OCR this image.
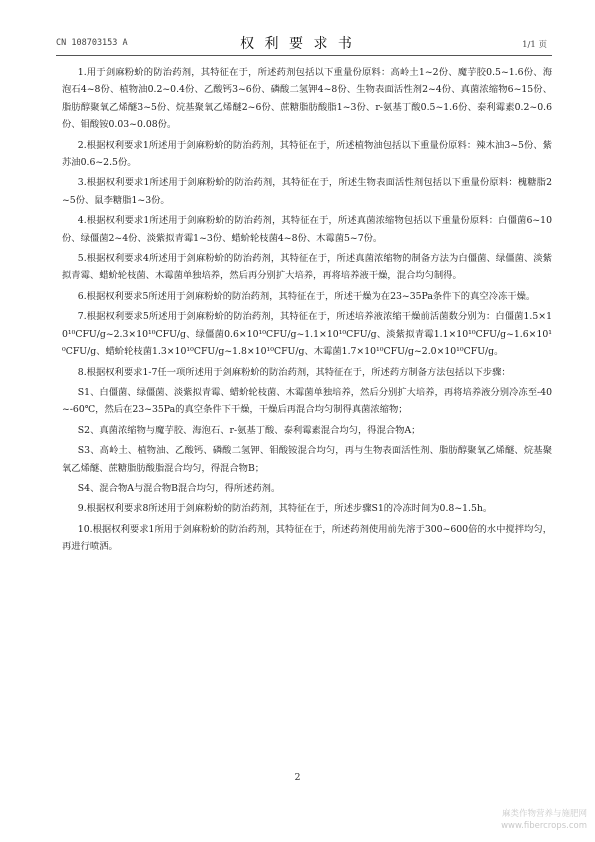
CN 108703153 A	权 利 要 求 书	1/1 页

1.用于剑麻粉蚧的防治药剂，其特征在于，所述药剂包括以下重量份原料：高岭土1~2份、魔芋胶0.5~1.6份、海泡石4~8份、植物油0.2~0.4份、乙酸钙3~6份、磷酸二氢钾4~8份、生物表面活性剂2~4份、真菌浓缩物6~15份、脂肪醇聚氧乙烯醚3~5份、烷基聚氧乙烯醚2~6份、蔗糖脂肪酸脂1~3份、r-氨基丁酸0.5~1.6份、泰利霉素0.2~0.6份、钼酸铵0.03~0.08份。

2.根据权利要求1所述用于剑麻粉蚧的防治药剂，其特征在于，所述植物油包括以下重量份原料：辣木油3~5份、紫苏油0.6~2.5份。

3.根据权利要求1所述用于剑麻粉蚧的防治药剂，其特征在于，所述生物表面活性剂包括以下重量份原料：槐糖脂2~5份、鼠李糖脂1~3份。

4.根据权利要求1所述用于剑麻粉蚧的防治药剂，其特征在于，所述真菌浓缩物包括以下重量份原料：白僵菌6~10份、绿僵菌2~4份、淡紫拟青霉1~3份、蜡蚧轮枝菌4~8份、木霉菌5~7份。

5.根据权利要求4所述用于剑麻粉蚧的防治药剂，其特征在于，所述真菌浓缩物的制备方法为白僵菌、绿僵菌、淡紫拟青霉、蜡蚧轮枝菌、木霉菌单独培养，然后再分别扩大培养，再将培养液干燥，混合均匀制得。

6.根据权利要求5所述用于剑麻粉蚧的防治药剂，其特征在于，所述干燥为在23~35Pa条件下的真空冷冻干燥。

7.根据权利要求5所述用于剑麻粉蚧的防治药剂，其特征在于，所述培养液浓缩干燥前活菌数分别为：白僵菌1.5×10¹⁰CFU/g~2.3×10¹⁰CFU/g、绿僵菌0.6×10¹⁰CFU/g~1.1×10¹⁰CFU/g、淡紫拟青霉1.1×10¹⁰CFU/g~1.6×10¹⁰CFU/g、蜡蚧轮枝菌1.3×10¹⁰CFU/g~1.8×10¹⁰CFU/g、木霉菌1.7×10¹⁰CFU/g~2.0×10¹⁰CFU/g。

8.根据权利要求1-7任一项所述用于剑麻粉蚧的防治药剂，其特征在于，所述药方制备方法包括以下步骤：

S1、白僵菌、绿僵菌、淡紫拟青霉、蜡蚧轮枝菌、木霉菌单独培养，然后分别扩大培养，再将培养液分别冷冻至-40~-60℃，然后在23~35Pa的真空条件下干燥，干燥后再混合均匀制得真菌浓缩物；

S2、真菌浓缩物与魔芋胶、海泡石、r-氨基丁酸、泰利霉素混合均匀，得混合物A；

S3、高岭土、植物油、乙酸钙、磷酸二氢钾、钼酸铵混合均匀，再与生物表面活性剂、脂肪醇聚氧乙烯醚、烷基聚氧乙烯醚、蔗糖脂肪酸脂混合均匀，得混合物B；

S4、混合物A与混合物B混合均匀，得所述药剂。

9.根据权利要求8所述用于剑麻粉蚧的防治药剂，其特征在于，所述步骤S1的冷冻时间为0.8~1.5h。

10.根据权利要求1所用于剑麻粉蚧的防治药剂，其特征在于，所述药剂使用前先溶于300~600倍的水中搅拌均匀，再进行喷洒。

2
麻类作物营养与施肥网
www.fibercrops.com
